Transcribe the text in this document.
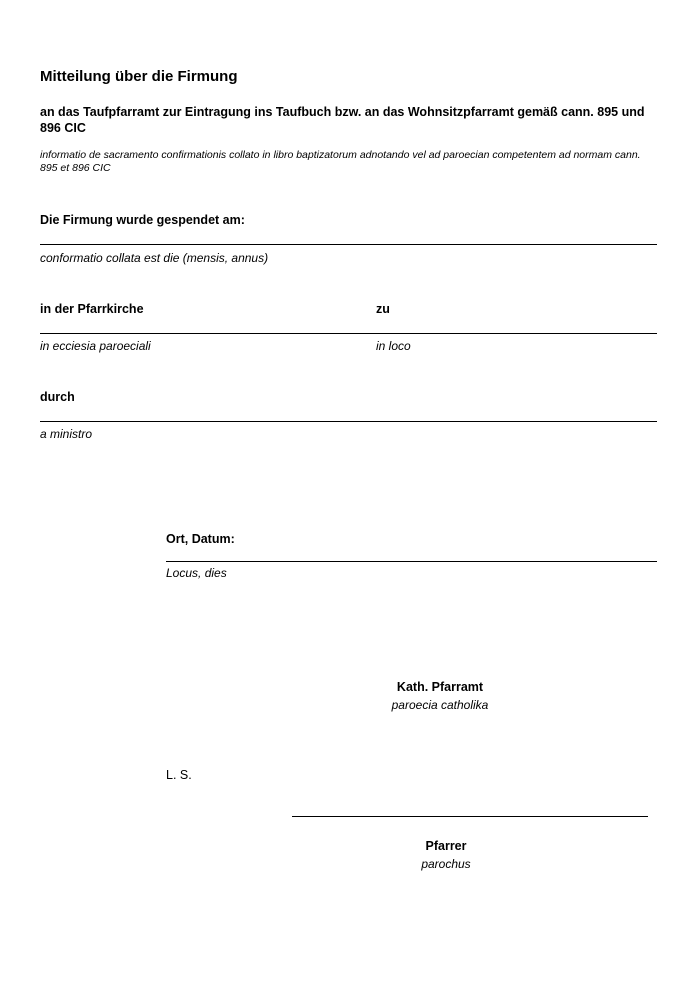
Mitteilung über die Firmung
an das Taufpfarramt zur Eintragung ins Taufbuch bzw. an das Wohnsitzpfarramt gemäß cann. 895 und 896 CIC
informatio de sacramento confirmationis collato in libro baptizatorum adnotando vel ad paroecian competentem ad normam cann. 895 et 896 CIC
Die Firmung wurde gespendet am:
conformatio collata est die (mensis, annus)
in der Pfarrkirche	zu
in ecciesia paroeciali	in loco
durch
a ministro
Ort, Datum:
Locus, dies
Kath. Pfarramt
paroecia catholika
L. S.
Pfarrer
parochus
